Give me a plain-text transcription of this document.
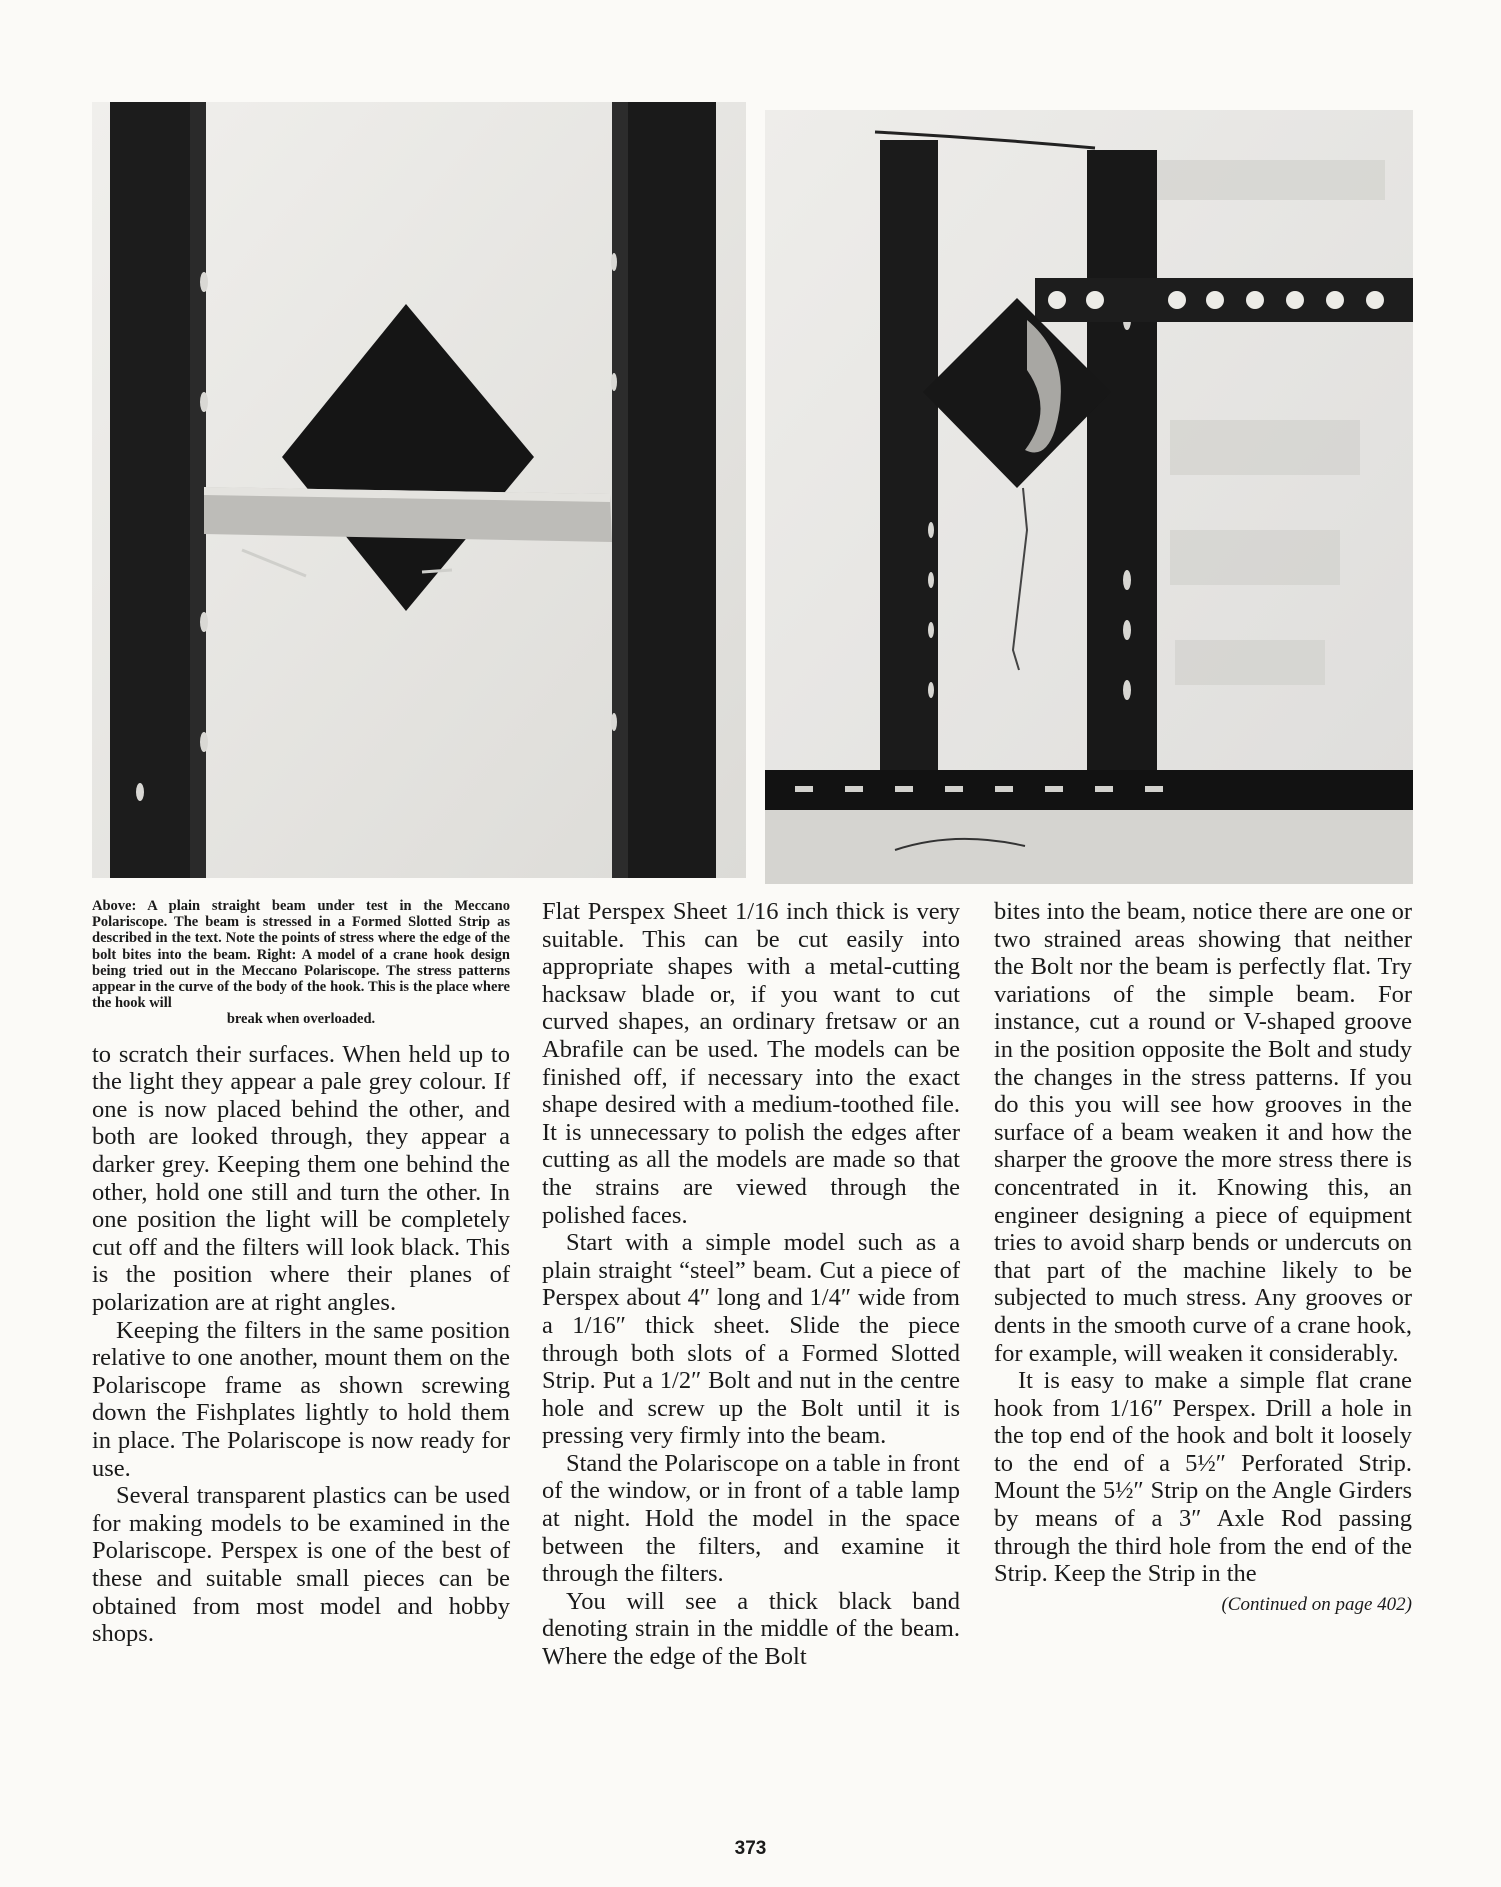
Above: A plain straight beam under test in the Meccano Polariscope. The beam is stressed in a Formed Slotted Strip as described in the text. Note the points of stress where the edge of the bolt bites into the beam. Right: A model of a crane hook design being tried out in the Meccano Polariscope. The stress patterns appear in the curve of the body of the hook. This is the place where the hook will
break when overloaded.

to scratch their surfaces. When held up to the light they appear a pale grey colour. If one is now placed behind the other, and both are looked through, they appear a darker grey. Keeping them one behind the other, hold one still and turn the other. In one position the light will be completely cut off and the filters will look black. This is the position where their planes of polarization are at right angles.

Keeping the filters in the same position relative to one another, mount them on the Polariscope frame as shown screwing down the Fishplates lightly to hold them in place. The Polariscope is now ready for use.

Several transparent plastics can be used for making models to be examined in the Polariscope. Perspex is one of the best of these and suitable small pieces can be obtained from most model and hobby shops.

Flat Perspex Sheet 1/16 inch thick is very suitable. This can be cut easily into appropriate shapes with a metal-cutting hacksaw blade or, if you want to cut curved shapes, an ordinary fretsaw or an Abrafile can be used. The models can be finished off, if necessary into the exact shape desired with a medium-toothed file. It is unnecessary to polish the edges after cutting as all the models are made so that the strains are viewed through the polished faces.

Start with a simple model such as a plain straight “steel” beam. Cut a piece of Perspex about 4″ long and 1/4″ wide from a 1/16″ thick sheet. Slide the piece through both slots of a Formed Slotted Strip. Put a 1/2″ Bolt and nut in the centre hole and screw up the Bolt until it is pressing very firmly into the beam.

Stand the Polariscope on a table in front of the window, or in front of a table lamp at night. Hold the model in the space between the filters, and examine it through the filters.

You will see a thick black band denoting strain in the middle of the beam. Where the edge of the Bolt

bites into the beam, notice there are one or two strained areas showing that neither the Bolt nor the beam is perfectly flat. Try variations of the simple beam. For instance, cut a round or V-shaped groove in the position opposite the Bolt and study the changes in the stress patterns. If you do this you will see how grooves in the surface of a beam weaken it and how the sharper the groove the more stress there is concentrated in it. Knowing this, an engineer designing a piece of equipment tries to avoid sharp bends or undercuts on that part of the machine likely to be subjected to much stress. Any grooves or dents in the smooth curve of a crane hook, for example, will weaken it considerably.

It is easy to make a simple flat crane hook from 1/16″ Perspex. Drill a hole in the top end of the hook and bolt it loosely to the end of a 5½″ Perforated Strip. Mount the 5½″ Strip on the Angle Girders by means of a 3″ Axle Rod passing through the third hole from the end of the Strip. Keep the Strip in the

(Continued on page 402)
373
